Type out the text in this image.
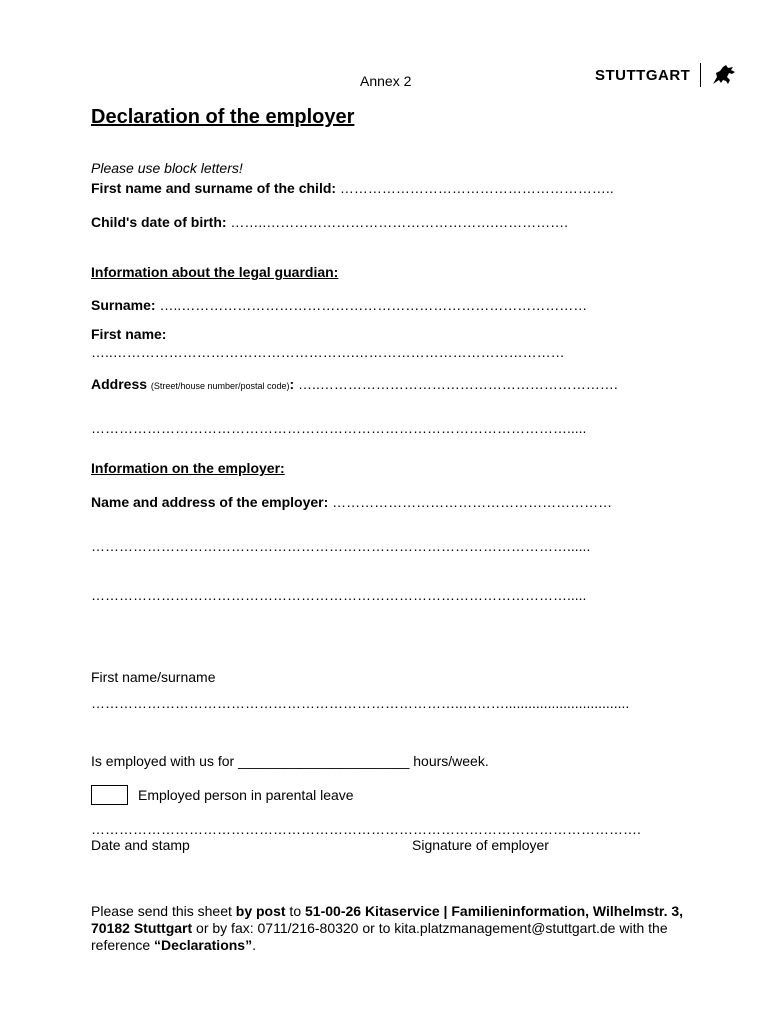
Annex 2	STUTTGART
Declaration of the employer
Please use block letters!
First name and surname of the child: …………………………………………………..
Child's date of birth: ……..………………………………………….…………….
Information about the legal guardian:
Surname: …..……………………………………………………………………………
First name:
…..…………………………………………….………………………………………
Address (Street/house number/postal code): …..……………………………………………………….
………………………………………………………………………………………….....
Information on the employer:
Name and address of the employer: ……………………………………………………
…………………………………………………………………………………………......
………………………………………………………………………………………….....
First name/surname
……………………………………………………………………..………................................
Is employed with us for ______________________ hours/week.
Employed person in parental leave
……………………………………………………………………………………………………….
Date and stamp	Signature of employer
Please send this sheet by post to 51-00-26 Kitaservice | Familieninformation, Wilhelmstr. 3, 70182 Stuttgart or by fax: 0711/216-80320 or to kita.platzmanagement@stuttgart.de with the reference “Declarations”.
